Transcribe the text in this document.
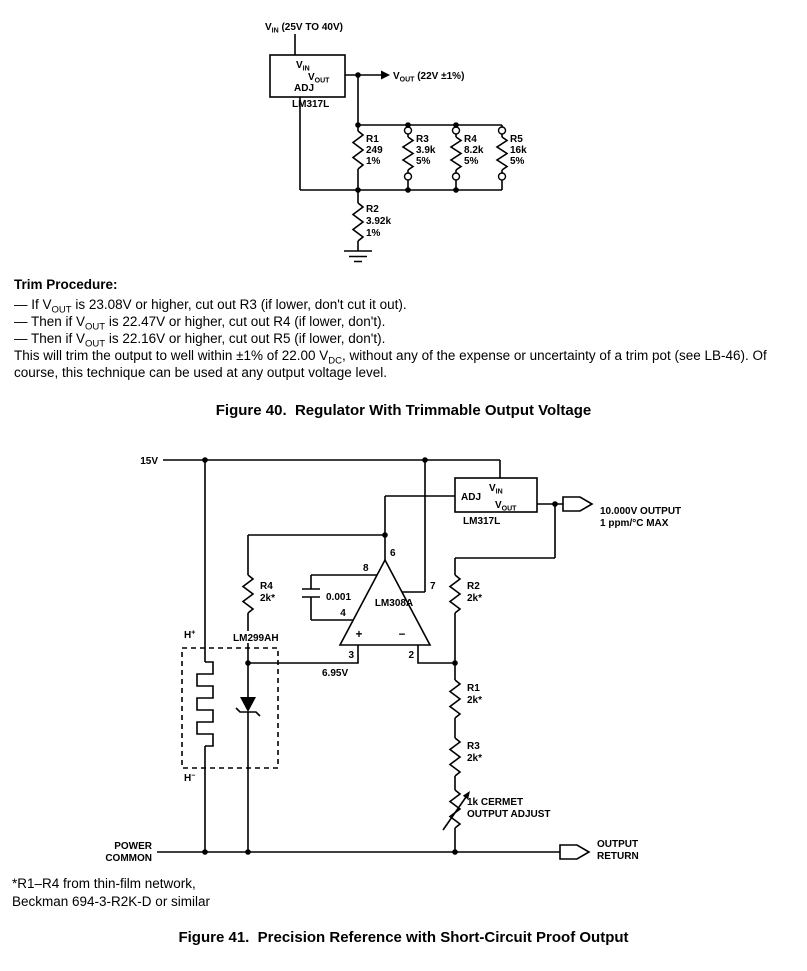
$V_{IN}$ (25V TO 40V)
$V_{IN}$
$V_{OUT}$
ADJ
LM317L
$V_{OUT}$ (22V ±1%)
R1
249
1%
R3
3.9k
5%
R4
8.2k
5%
R5
16k
5%
R2
3.92k
1%
15V
ADJ
$V_{IN}$
$V_{OUT}$
LM317L
10.000V OUTPUT
1 ppm/°C MAX
LM308A
+	−
6
8
7
4
3	2
0.001
R4
2k*
R2
2k*
R1
2k*
R3
2k*
6.95V
LM299AH
H+
H−
1k CERMET
OUTPUT ADJUST
POWER
COMMON
OUTPUT
RETURN
Trim Procedure:
— If $V_{OUT}$ is 23.08V or higher, cut out R3 (if lower, don't cut it out).
— Then if $V_{OUT}$ is 22.47V or higher, cut out R4 (if lower, don't).
— Then if $V_{OUT}$ is 22.16V or higher, cut out R5 (if lower, don't).
This will trim the output to well within ±1% of 22.00 $V_{DC}$, without any of the expense or uncertainty of a trim pot (see LB-46). Of course, this technique can be used at any output voltage level.
Figure 40.  Regulator With Trimmable Output Voltage
*R1–R4 from thin-film network,
Beckman 694-3-R2K-D or similar
Figure 41.  Precision Reference with Short-Circuit Proof Output
